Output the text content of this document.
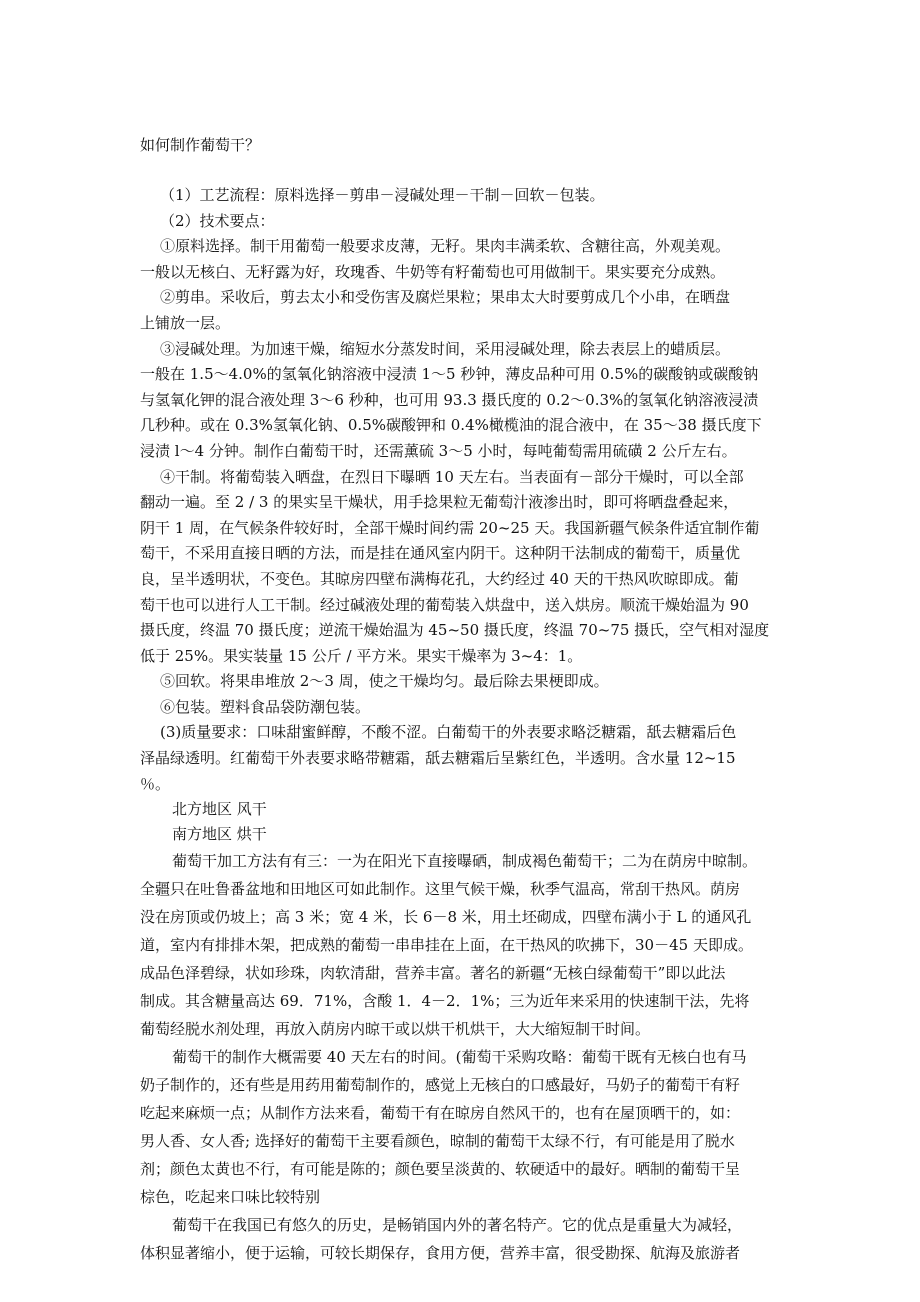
如何制作葡萄干？

（1）工艺流程：原料选择－剪串－浸碱处理－干制－回软－包装。

（2）技术要点：

①原料选择。制干用葡萄一般要求皮薄，无籽。果肉丰满柔软、含糖往高，外观美观。

一般以无核白、无籽露为好，玫瑰香、牛奶等有籽葡萄也可用做制干。果实要充分成熟。

②剪串。采收后，剪去太小和受伤害及腐烂果粒；果串太大时要剪成几个小串，在晒盘

上铺放一层。

③浸碱处理。为加速干燥，缩短水分蒸发时间，采用浸碱处理，除去表层上的蜡质层。

一般在 1.5～4.0%的氢氧化钠溶液中浸渍 1～5 秒钟，薄皮品种可用 0.5%的碳酸钠或碳酸钠

与氢氧化钾的混合液处理 3～6 秒种，也可用 93.3 摄氏度的 0.2～0.3%的氢氧化钠溶液浸渍

几秒种。或在 0.3%氢氧化钠、0.5%碳酸钾和 0.4%橄榄油的混合液中，在 35～38 摄氏度下

浸渍 l～4 分钟。制作白葡萄干时，还需薰硫 3～5 小时，每吨葡萄需用硫磺 2 公斤左右。

④干制。将葡萄装入晒盘，在烈日下曝晒 10 天左右。当表面有－部分干燥时，可以全部

翻动一遍。至 2 / 3 的果实呈干燥状，用手捻果粒无葡萄汁液渗出时，即可将晒盘叠起来，

阴干 1 周，在气候条件较好时，全部干燥时间约需 20~25 天。我国新疆气候条件适宜制作葡

萄干，不采用直接日晒的方法，而是挂在通风室内阴干。这种阴干法制成的葡萄干，质量优

良，呈半透明状，不变色。其晾房四壁布满梅花孔，大约经过 40 天的干热风吹晾即成。葡

萄干也可以进行人工干制。经过碱液处理的葡萄装入烘盘中，送入烘房。顺流干燥始温为 90

摄氏度，终温 70 摄氏度；逆流干燥始温为 45~50 摄氏度，终温 70~75 摄氏，空气相对湿度

低于 25%。果实装量 15 公斤 / 平方米。果实干燥率为 3~4：1。

⑤回软。将果串堆放 2～3 周，使之干燥均匀。最后除去果梗即成。

⑥包装。塑料食品袋防潮包装。

(3)质量要求：口味甜蜜鲜醇，不酸不涩。白葡萄干的外表要求略泛糖霜，舐去糖霜后色

泽晶绿透明。红葡萄干外表要求略带糖霜，舐去糖霜后呈紫红色，半透明。含水量 12~15

％。

北方地区 风干

南方地区 烘干

葡萄干加工方法有有三：一为在阳光下直接曝硒，制成褐色葡萄干；二为在荫房中晾制。

全疆只在吐鲁番盆地和田地区可如此制作。这里气候干燥，秋季气温高，常刮干热风。荫房

没在房顶或仍坡上；高 3 米；宽 4 米，长 6－8 米，用土坯砌成，四壁布满小于 L 的通风孔

道，室内有排排木架，把成熟的葡萄一串串挂在上面，在干热风的吹拂下，30－45 天即成。

成品色泽碧绿，状如珍珠，肉软清甜，营养丰富。著名的新疆“无核白绿葡萄干”即以此法

制成。其含糖量高达 69．71%，含酸 1．4－2．1%；三为近年来采用的快速制干法，先将

葡萄经脱水剂处理，再放入荫房内晾干或以烘干机烘干，大大缩短制干时间。

葡萄干的制作大概需要 40 天左右的时间。(葡萄干采购攻略：葡萄干既有无核白也有马

奶子制作的，还有些是用药用葡萄制作的，感觉上无核白的口感最好，马奶子的葡萄干有籽

吃起来麻烦一点；从制作方法来看，葡萄干有在晾房自然风干的，也有在屋顶晒干的，如：

男人香、女人香; 选择好的葡萄干主要看颜色，晾制的葡萄干太绿不行，有可能是用了脱水

剂；颜色太黄也不行，有可能是陈的；颜色要呈淡黄的、软硬适中的最好。晒制的葡萄干呈

棕色，吃起来口味比较特别

葡萄干在我国已有悠久的历史，是畅销国内外的著名特产。它的优点是重量大为减轻，

体积显著缩小，便于运输，可较长期保存，食用方便，营养丰富，很受勘探、航海及旅游者
